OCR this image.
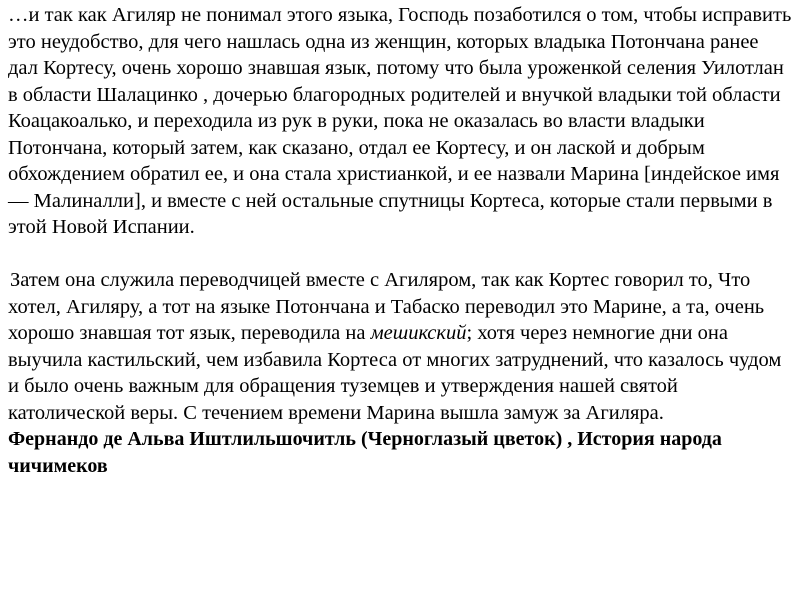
…и так как Агиляр не понимал этого языка, Господь позаботился о том, чтобы исправить это неудобство, для чего нашлась одна из женщин, которых владыка Потончана ранее дал Кортесу, очень хорошо знавшая язык, потому что была уроженкой селения Уилотлан в области Шалацинко , дочерью благородных родителей и внучкой владыки той области Коацакоалько, и переходила из рук в руки, пока не оказалась во власти владыки Потончана, который затем, как сказано, отдал ее Кортесу, и он лаской и добрым обхождением обратил ее, и она стала христианкой, и ее назвали Марина [индейское имя — Малиналли], и вместе с ней остальные спутницы Кортеса, которые стали первыми в этой Новой Испании.

Затем она служила переводчицей вместе с Агиляром, так как Кортес говорил то, Что хотел, Агиляру, а тот на языке Потончана и Табаско переводил это Марине, а та, очень хорошо знавшая тот язык, переводила на мешикский; хотя через немногие дни она выучила кастильский, чем избавила Кортеса от многих затруднений, что казалось чудом и было очень важным для обращения туземцев и утверждения нашей святой католической веры. С течением времени Марина вышла замуж за Агиляра.

Фернандо де Альва Иштлильшочитль (Черноглазый цветок) , История народа чичимеков
